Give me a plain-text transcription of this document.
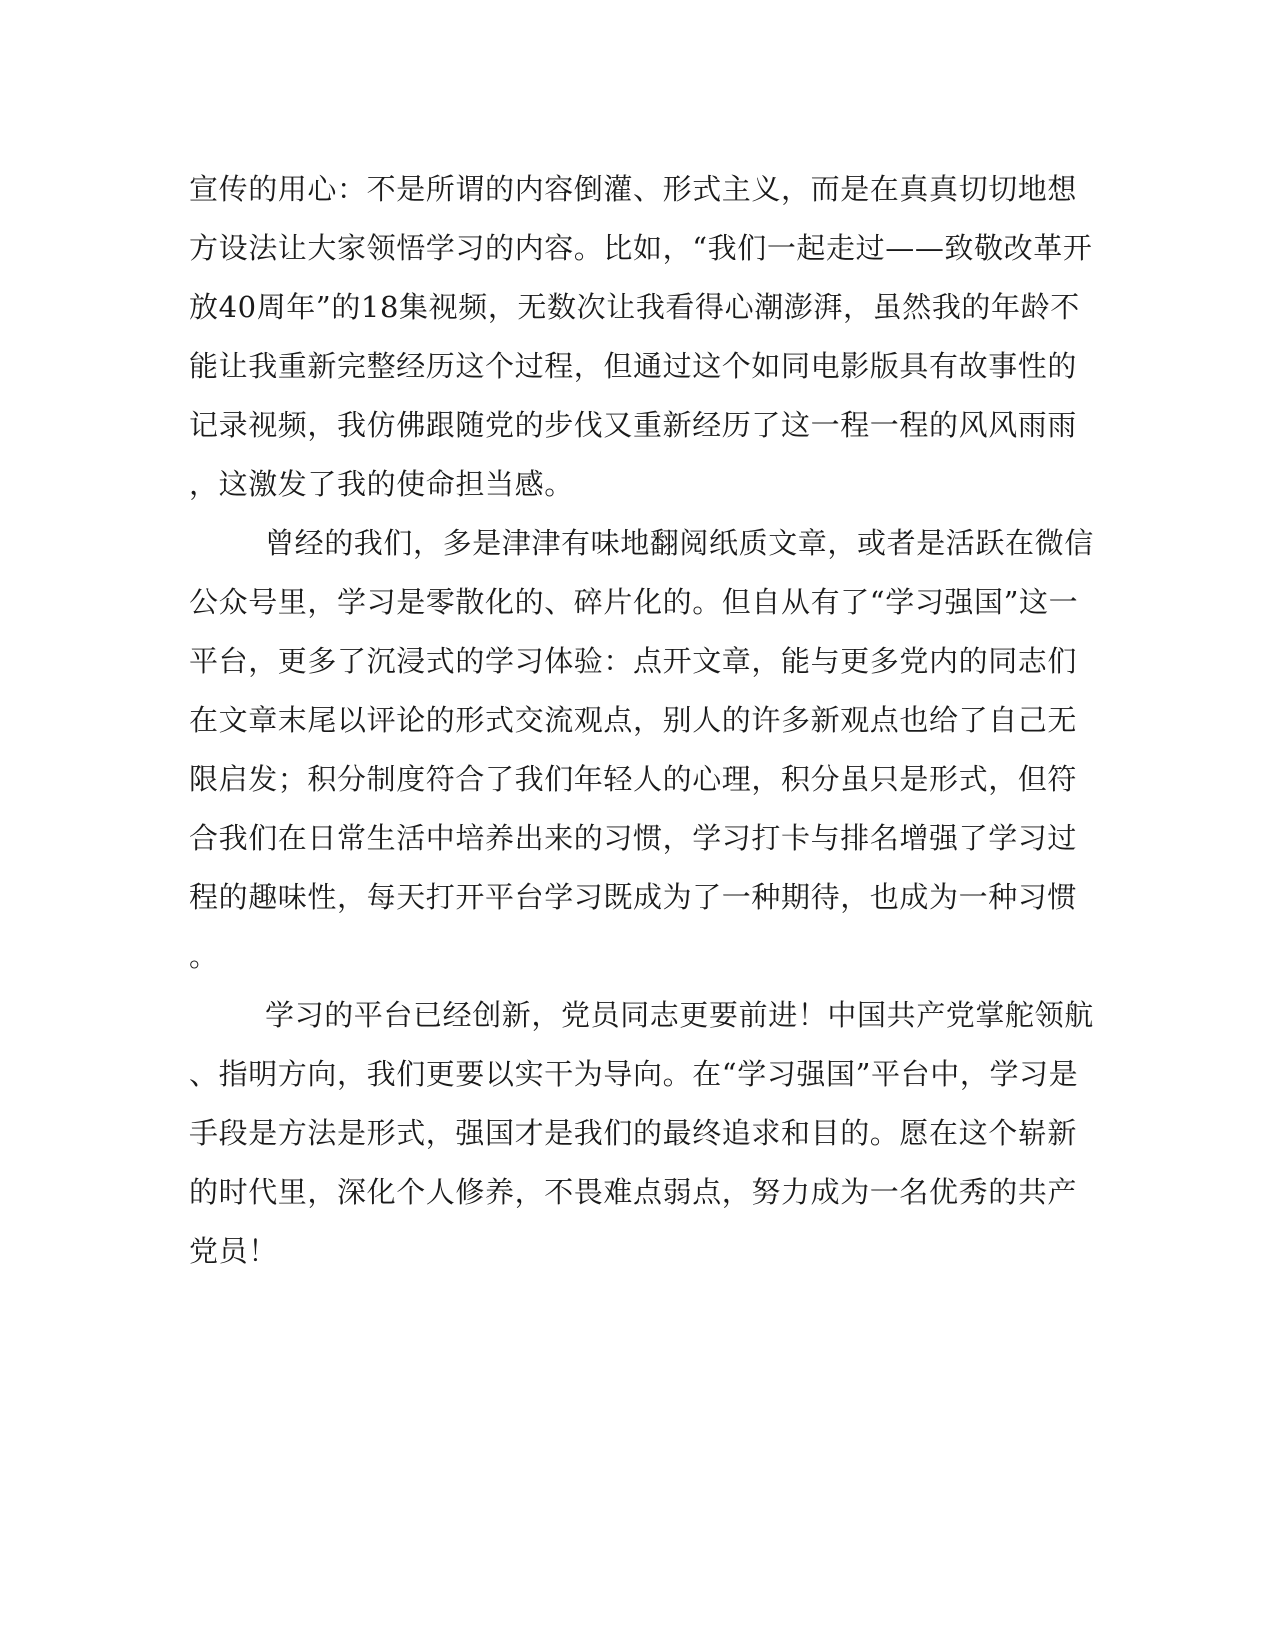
宣传的用心：不是所谓的内容倒灌、形式主义，而是在真真切切地想
方设法让大家领悟学习的内容。比如，“我们一起走过——致敬改革开
放40周年”的18集视频，无数次让我看得心潮澎湃，虽然我的年龄不
能让我重新完整经历这个过程，但通过这个如同电影版具有故事性的
记录视频，我仿佛跟随党的步伐又重新经历了这一程一程的风风雨雨
，这激发了我的使命担当感。
曾经的我们，多是津津有味地翻阅纸质文章，或者是活跃在微信
公众号里，学习是零散化的、碎片化的。但自从有了“学习强国”这一
平台，更多了沉浸式的学习体验：点开文章，能与更多党内的同志们
在文章末尾以评论的形式交流观点，别人的许多新观点也给了自己无
限启发；积分制度符合了我们年轻人的心理，积分虽只是形式，但符
合我们在日常生活中培养出来的习惯，学习打卡与排名增强了学习过
程的趣味性，每天打开平台学习既成为了一种期待，也成为一种习惯
。
学习的平台已经创新，党员同志更要前进！中国共产党掌舵领航
、指明方向，我们更要以实干为导向。在“学习强国”平台中，学习是
手段是方法是形式，强国才是我们的最终追求和目的。愿在这个崭新
的时代里，深化个人修养，不畏难点弱点，努力成为一名优秀的共产
党员！
